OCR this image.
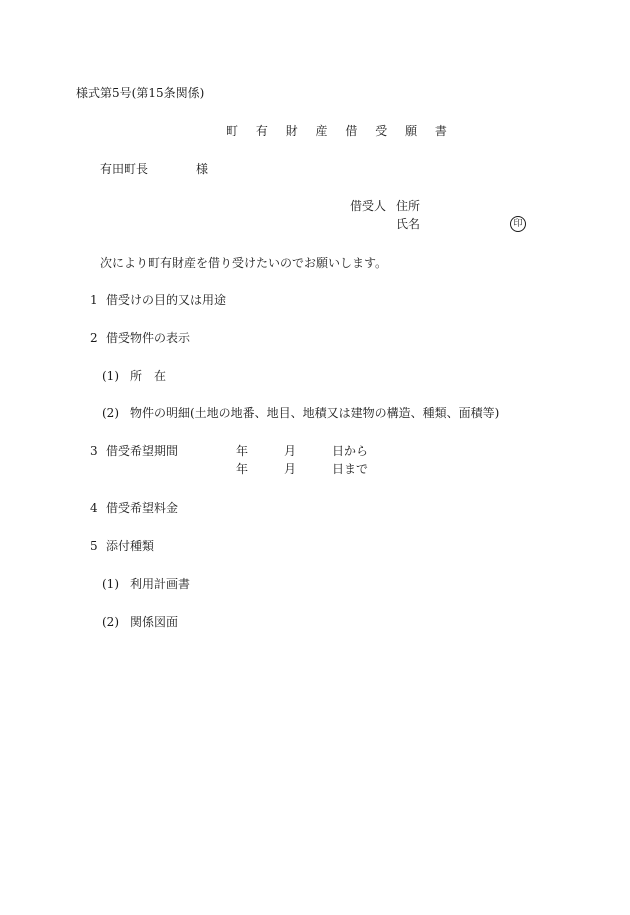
様式第5号(第15条関係)
町 有 財 産 借 受 願 書
有田町長	様
借受人 住所
氏名	印
次により町有財産を借り受けたいのでお願いします。
1 借受けの目的又は用途
2 借受物件の表示
(1) 所　在
(2) 物件の明細(土地の地番、地目、地積又は建物の構造、種類、面積等)
3 借受希望期間	年	月	日から
年	月	日まで
4 借受希望料金
5 添付種類
(1) 利用計画書
(2) 関係図面
